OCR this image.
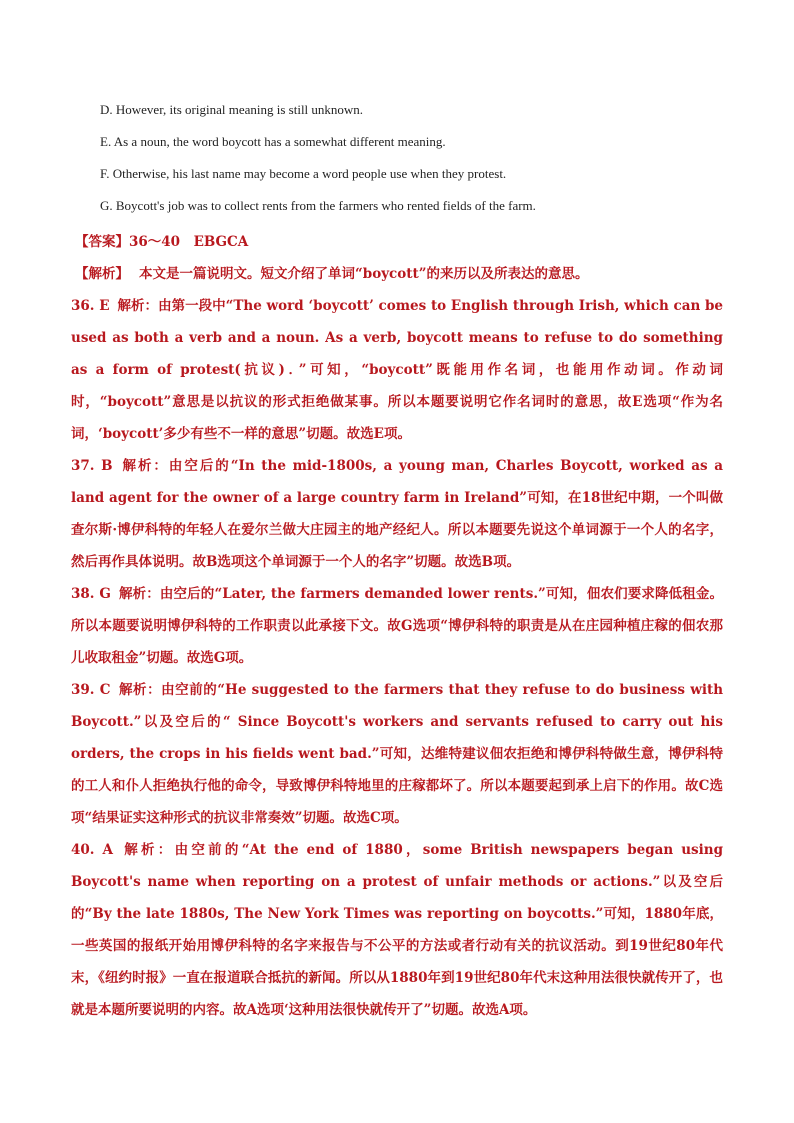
D. However, its original meaning is still unknown.

E. As a noun, the word boycott has a somewhat different meaning.

F. Otherwise, his last name may become a word people use when they protest.

G. Boycott's job was to collect rents from the farmers who rented fields of the farm.

【答案】36～40　EBGCA

【解析】 本文是一篇说明文。短文介绍了单词“boycott”的来历以及所表达的意思。

36. E 解析：由第一段中“The word ‘boycott’ comes to English through Irish, which can be used as both a verb and a noun. As a verb, boycott means to refuse to do something as a form of protest(抗议)．”可知，“boycott”既能用作名词，也能用作动词。作动词时，“boycott”意思是以抗议的形式拒绝做某事。所以本题要说明它作名词时的意思，故E选项“作为名词，‘boycott’多少有些不一样的意思”切题。故选E项。

37. B 解析：由空后的“In the mid-1800s, a young man, Charles Boycott, worked as a land agent for the owner of a large country farm in Ireland”可知，在18世纪中期，一个叫做查尔斯·博伊科特的年轻人在爱尔兰做大庄园主的地产经纪人。所以本题要先说这个单词源于一个人的名字，然后再作具体说明。故B选项这个单词源于一个人的名字”切题。故选B项。

38. G 解析：由空后的“Later, the farmers demanded lower rents.”可知，佃农们要求降低租金。所以本题要说明博伊科特的工作职责以此承接下文。故G选项“博伊科特的职责是从在庄园种植庄稼的佃农那儿收取租金”切题。故选G项。

39. C 解析：由空前的“He suggested to the farmers that they refuse to do business with Boycott.”以及空后的“ Since Boycott's workers and servants refused to carry out his orders, the crops in his fields went bad.”可知，达维特建议佃农拒绝和博伊科特做生意，博伊科特的工人和仆人拒绝执行他的命令，导致博伊科特地里的庄稼都坏了。所以本题要起到承上启下的作用。故C选项“结果证实这种形式的抗议非常奏效”切题。故选C项。

40. A 解析：由空前的“At the end of 1880，some British newspapers began using Boycott's name when reporting on a protest of unfair methods or actions.”以及空后的“By the late 1880s, The New York Times was reporting on boycotts.”可知，1880年底，一些英国的报纸开始用博伊科特的名字来报告与不公平的方法或者行动有关的抗议活动。到19世纪80年代末，《纽约时报》一直在报道联合抵抗的新闻。所以从1880年到19世纪80年代末这种用法很快就传开了，也就是本题所要说明的内容。故A选项‘这种用法很快就传开了”切题。故选A项。
